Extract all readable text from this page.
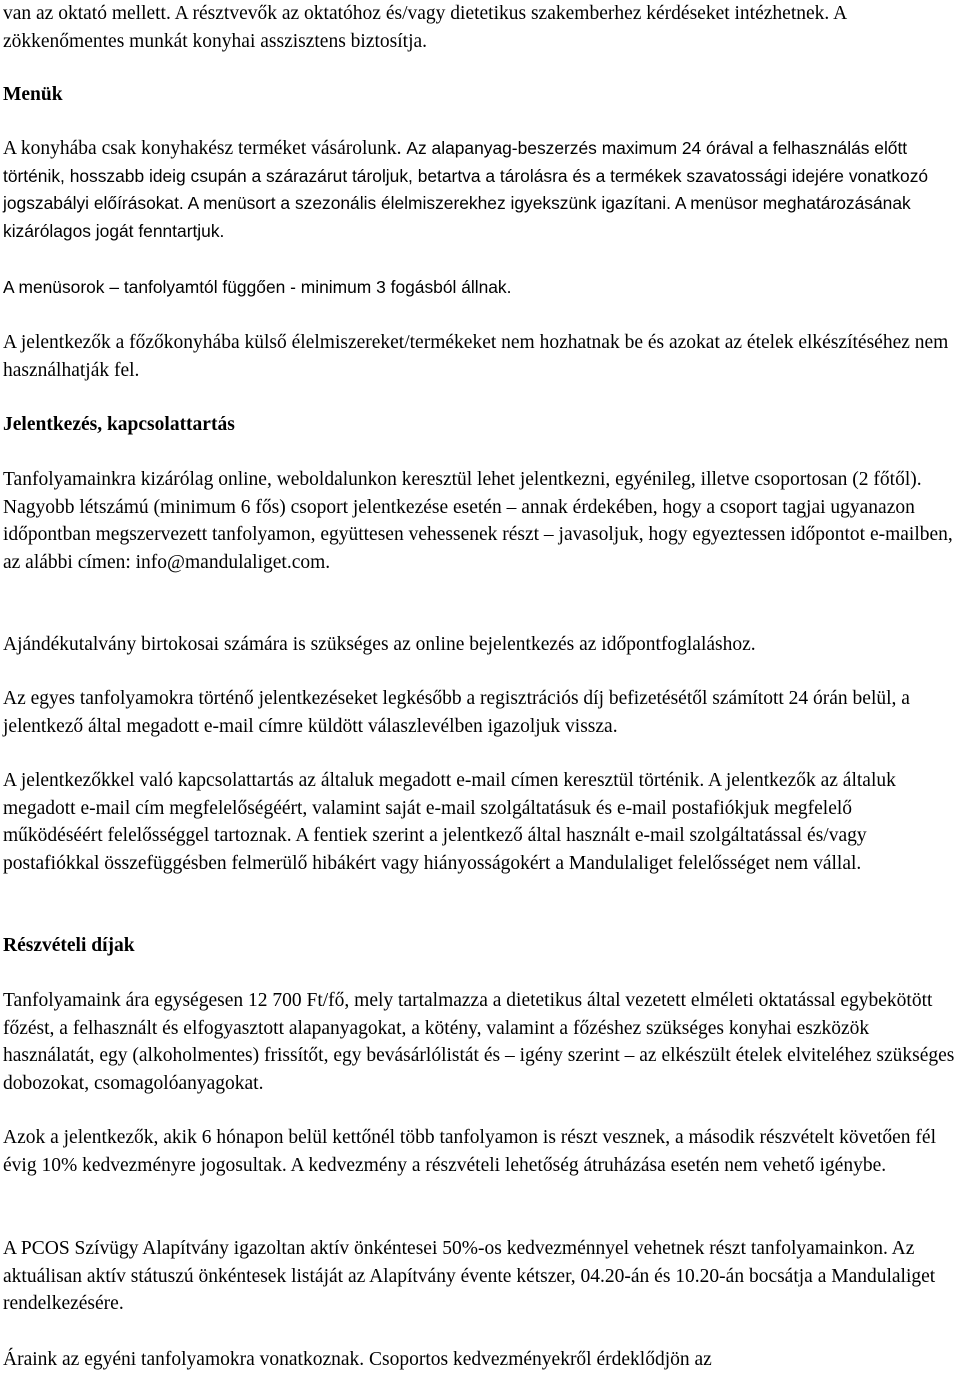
van az oktató mellett. A résztvevők az oktatóhoz és/vagy dietetikus szakemberhez kérdéseket intézhetnek. A zökkenőmentes munkát konyhai asszisztens biztosítja.

Menük

A konyhába csak konyhakész terméket vásárolunk. Az alapanyag-beszerzés maximum 24 órával a felhasználás előtt történik, hosszabb ideig csupán a szárazárut tároljuk, betartva a tárolásra és a termékek szavatossági idejére vonatkozó jogszabályi előírásokat. A menüsort a szezonális élelmiszerekhez igyekszünk igazítani. A menüsor meghatározásának kizárólagos jogát fenntartjuk.

A menüsorok – tanfolyamtól függően - minimum 3 fogásból állnak.

A jelentkezők a főzőkonyhába külső élelmiszereket/termékeket nem hozhatnak be és azokat az ételek elkészítéséhez nem használhatják fel.

Jelentkezés, kapcsolattartás

Tanfolyamainkra kizárólag online, weboldalunkon keresztül lehet jelentkezni, egyénileg, illetve csoportosan (2 főtől). Nagyobb létszámú (minimum 6 fős) csoport jelentkezése esetén – annak érdekében, hogy a csoport tagjai ugyanazon időpontban megszervezett tanfolyamon, együttesen vehessenek részt – javasoljuk, hogy egyeztessen időpontot e-mailben, az alábbi címen: info@mandulaliget.com.

Ajándékutalvány birtokosai számára is szükséges az online bejelentkezés az időpontfoglaláshoz.

Az egyes tanfolyamokra történő jelentkezéseket legkésőbb a regisztrációs díj befizetésétől számított 24 órán belül, a jelentkező által megadott e-mail címre küldött válaszlevélben igazoljuk vissza.

A jelentkezőkkel való kapcsolattartás az általuk megadott e-mail címen keresztül történik. A jelentkezők az általuk megadott e-mail cím megfelelőségéért, valamint saját e-mail szolgáltatásuk és e-mail postafiókjuk megfelelő működéséért felelősséggel tartoznak. A fentiek szerint a jelentkező által használt e-mail szolgáltatással és/vagy postafiókkal összefüggésben felmerülő hibákért vagy hiányosságokért a Mandulaliget felelősséget nem vállal.

Részvételi díjak

Tanfolyamaink ára egységesen 12 700 Ft/fő, mely tartalmazza a dietetikus által vezetett elméleti oktatással egybekötött főzést, a felhasznált és elfogyasztott alapanyagokat, a kötény, valamint a főzéshez szükséges konyhai eszközök használatát, egy (alkoholmentes) frissítőt, egy bevásárlólistát és – igény szerint – az elkészült ételek elviteléhez szükséges dobozokat, csomagolóanyagokat.

Azok a jelentkezők, akik 6 hónapon belül kettőnél több tanfolyamon is részt vesznek, a második részvételt követően fél évig 10% kedvezményre jogosultak. A kedvezmény a részvételi lehetőség átruházása esetén nem vehető igénybe.

A PCOS Szívügy Alapítvány igazoltan aktív önkéntesei 50%-os kedvezménnyel vehetnek részt tanfolyamainkon. Az aktuálisan aktív státuszú önkéntesek listáját az Alapítvány évente kétszer, 04.20-án és 10.20-án bocsátja a Mandulaliget rendelkezésére.

Áraink az egyéni tanfolyamokra vonatkoznak. Csoportos kedvezményekről érdeklődjön az
